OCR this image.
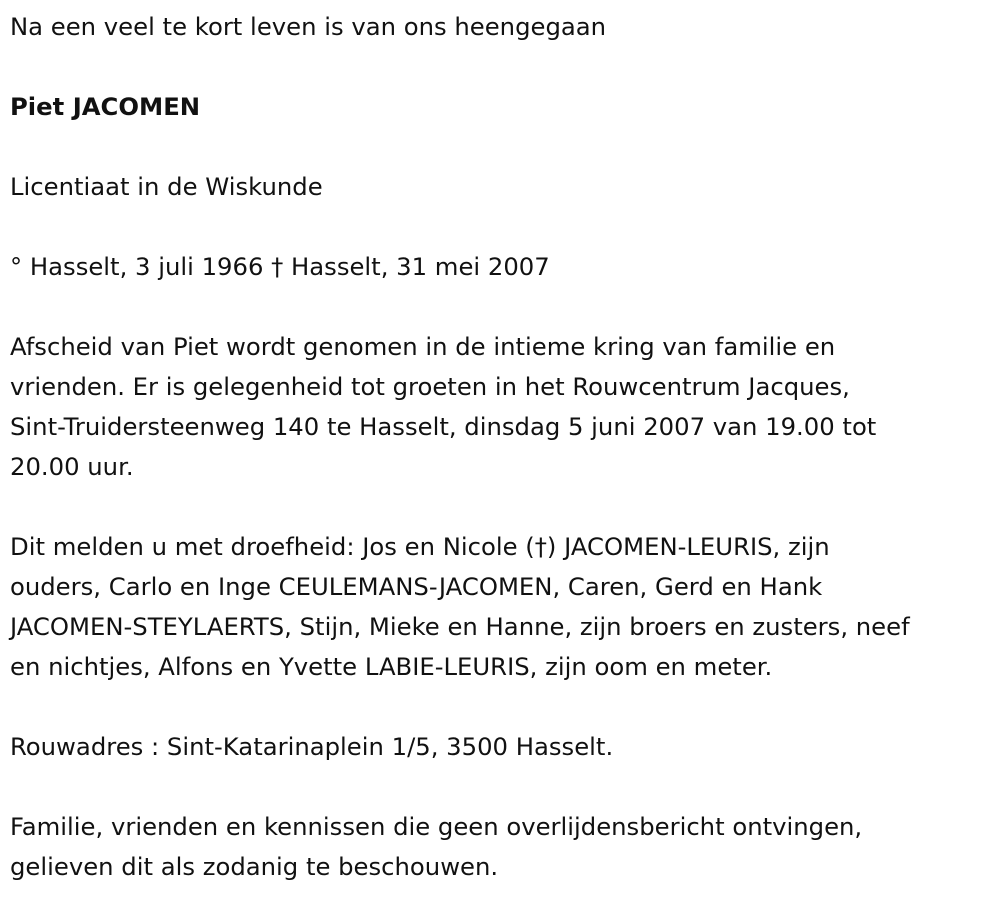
Na een veel te kort leven is van ons heengegaan

Piet JACOMEN

Licentiaat in de Wiskunde

° Hasselt, 3 juli 1966 † Hasselt, 31 mei 2007

Afscheid van Piet wordt genomen in de intieme kring van familie en

vrienden. Er is gelegenheid tot groeten in het Rouwcentrum Jacques,

Sint-Truidersteenweg 140 te Hasselt, dinsdag 5 juni 2007 van 19.00 tot

20.00 uur.

Dit melden u met droefheid: Jos en Nicole (†) JACOMEN-LEURIS, zijn

ouders, Carlo en Inge CEULEMANS-JACOMEN, Caren, Gerd en Hank

JACOMEN-STEYLAERTS, Stijn, Mieke en Hanne, zijn broers en zusters, neef

en nichtjes, Alfons en Yvette LABIE-LEURIS, zijn oom en meter.

Rouwadres : Sint-Katarinaplein 1/5, 3500 Hasselt.

Familie, vrienden en kennissen die geen overlijdensbericht ontvingen,

gelieven dit als zodanig te beschouwen.
